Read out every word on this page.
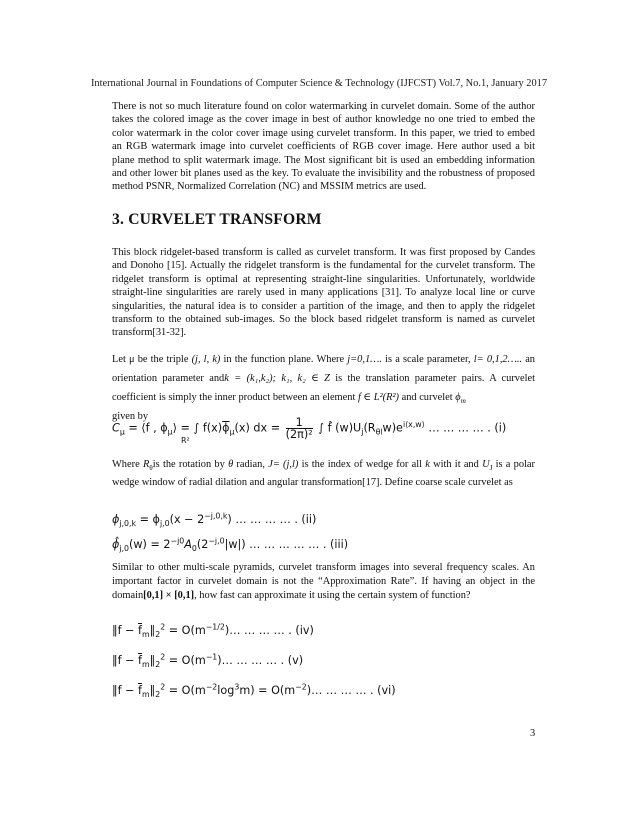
International Journal in Foundations of Computer Science & Technology (IJFCST) Vol.7, No.1, January 2017

There is not so much literature found on color watermarking in curvelet domain. Some of the author takes the colored image as the cover image in best of author knowledge no one tried to embed the color watermark in the color cover image using curvelet transform. In this paper, we tried to embed an RGB watermark image into curvelet coefficients of RGB cover image. Here author used a bit plane method to split watermark image. The Most significant bit is used an embedding information and other lower bit planes used as the key. To evaluate the invisibility and the robustness of proposed method PSNR, Normalized Correlation (NC) and MSSIM metrics are used.

3. CURVELET TRANSFORM

This block ridgelet-based transform is called as curvelet transform. It was first proposed by Candes and Donoho [15]. Actually the ridgelet transform is the fundamental for the curvelet transform. The ridgelet transform is optimal at representing straight-line singularities. Unfortunately, worldwide straight-line singularities are rarely used in many applications [31]. To analyze local line or curve singularities, the natural idea is to consider a partition of the image, and then to apply the ridgelet transform to the obtained sub-images. So the block based ridgelet transform is named as curvelet transform[31-32].

Let μ be the triple (j, l, k) in the function plane. Where j=0,1…. is a scale parameter, l= 0,1,2….. an orientation parameter andk = (k₁,k₂); k₁, k₂ ∈ Z is the translation parameter pairs. A curvelet coefficient is simply the inner product between an element f ∈ L²(R²) and curvelet $\phi_m$
given by

$C_\mu$ = ⟨f , $\phi_\mu⟩$ = ∫ $f(x)\overline{\phi}_\mu(x)$ dx = $\frac{1}{\text{(2π)²}}$ ∫ f̂ $(w)U_j(R_{\theta l}w)e^{i⟨x,w⟩}$ … … … … . (i)
R²

Where $R_\theta is$ the rotation by θ radian, J= (j,l) is the index of wedge for all k with it and $U_J$ is a polar wedge window of radial dilation and angular transformation[17]. Define coarse scale curvelet as

$\phi_{j,0,k} = \phi_{j,0}(x - 2^{-j,0,k})$ … … … … . (ii)
$\phî_{j,0}(w) = 2^{-j0}A_0(2^{-j,0}|w|)$ … … … … … . (iii)

Similar to other multi-scale pyramids, curvelet transform images into several frequency scales. An important factor in curvelet domain is not the “Approximation Rate”. If having an object in the domain[0,1] × [0,1], how fast can approximate it using the certain system of function?

‖f − $\overline{f}_m‖_2^2$ = $O(m^{-1/2})\dots$ … … … . (iv)
‖f − $\overline{f}_m‖_2^2$ = $O(m^{-1})\dots$ … … … . (v)
‖f − $\overline{f}_m‖_2^2 = O(m^{-2}\log^3m)$ = $O(m^{-2})\dots$ … … … . (vi)
3
